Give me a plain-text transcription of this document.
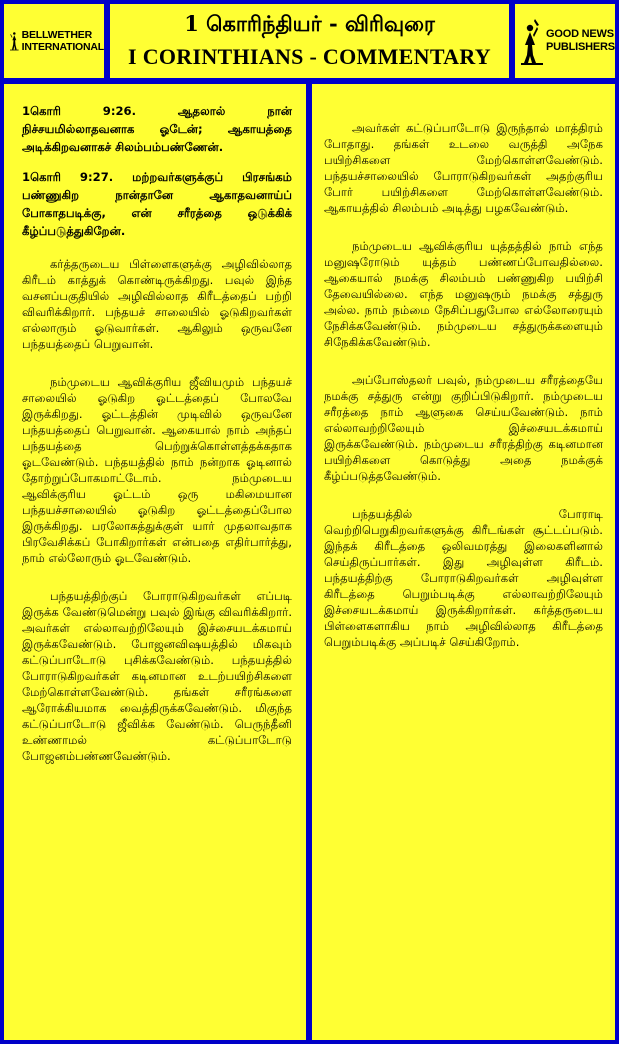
BELLWETHER
INTERNATIONAL
1 கொரிந்தியர் - விரிவுரை
I CORINTHIANS - COMMENTARY
GOOD NEWS
PUBLISHERS

1கொரி 9:26. ஆதலால் நான் நிச்சயமில்லாதவனாக ஓடேன்; ஆகாயத்தை அடிக்கிறவனாகச் சிலம்பம்பண்ணேன்.

1கொரி 9:27. மற்றவர்களுக்குப் பிரசங்கம் பண்ணுகிற நான்தானே ஆகாதவனாய்ப் போகாதபடிக்கு, என் சரீரத்தை ஒடுக்கிக் கீழ்ப்படுத்துகிறேன்.

கர்த்தருடைய பிள்ளைகளுக்கு அழிவில்லாத கிரீடம் காத்துக் கொண்டிருக்கிறது. பவுல் இந்த வசனப்பகுதியில் அழிவில்லாத கிரீடத்தைப் பற்றி விவரிக்கிறார். பந்தயச் சாலையில் ஓடுகிறவர்கள் எல்லாரும் ஓடுவார்கள். ஆகிலும் ஒருவனே பந்தயத்தைப் பெறுவான்.

நம்முடைய ஆவிக்குரிய ஜீவியமும் பந்தயச் சாலையில் ஓடுகிற ஓட்டத்தைப் போலவே இருக்கிறது. ஓட்டத்தின் முடிவில் ஒருவனே பந்தயத்தைப் பெறுவான். ஆகையால் நாம் அந்தப் பந்தயத்தை பெற்றுக்கொள்ளத்தக்கதாக ஓடவேண்டும். பந்தயத்தில் நாம் நன்றாக ஓடினால் தோற்றுப்போகமாட்டோம். நம்முடைய ஆவிக்குரிய ஓட்டம் ஒரு மகிமையான பந்தயச்சாலையில் ஓடுகிற ஓட்டத்தைப்போல இருக்கிறது. பரலோகத்துக்குள் யார் முதலாவதாக பிரவேசிக்கப் போகிறார்கள் என்பதை எதிர்பார்த்து, நாம் எல்லோரும் ஓடவேண்டும்.

பந்தயத்திற்குப் போராடுகிறவர்கள் எப்படி இருக்க வேண்டுமென்று பவுல் இங்கு விவரிக்கிறார். அவர்கள் எல்லாவற்றிலேயும் இச்சையடக்கமாய் இருக்கவேண்டும். போஜனவிஷயத்தில் மிகவும் கட்டுப்பாடோடு புசிக்கவேண்டும். பந்தயத்தில் போராடுகிறவர்கள் கடினமான உடற்பயிற்சிகளை மேற்கொள்ளவேண்டும். தங்கள் சரீரங்களை ஆரோக்கியமாக வைத்திருக்கவேண்டும். மிகுந்த கட்டுப்பாடோடு ஜீவிக்க வேண்டும். பெருந்தீனி உண்ணாமல் கட்டுப்பாடோடு போஜனம்பண்ணவேண்டும்.

அவர்கள் கட்டுப்பாடோடு இருந்தால் மாத்திரம் போதாது. தங்கள் உடலை வருத்தி அநேக பயிற்சிகளை மேற்கொள்ளவேண்டும். பந்தயச்சாலையில் போராடுகிறவர்கள் அதற்குரிய போர் பயிற்சிகளை மேற்கொள்ளவேண்டும். ஆகாயத்தில் சிலம்பம் அடித்து பழகவேண்டும்.

நம்முடைய ஆவிக்குரிய யுத்தத்தில் நாம் எந்த மனுஷரோடும் யுத்தம் பண்ணப்போவதில்லை. ஆகையால் நமக்கு சிலம்பம் பண்ணுகிற பயிற்சி தேவையில்லை. எந்த மனுஷரும் நமக்கு சத்துரு அல்ல. நாம் நம்மை நேசிப்பதுபோல எல்லோரையும் நேசிக்கவேண்டும். நம்முடைய சத்துருக்களையும் சிநேகிக்கவேண்டும்.

அப்போஸ்தலர் பவுல், நம்முடைய சரீரத்தையே நமக்கு சத்துரு என்று குறிப்பிடுகிறார். நம்முடைய சரீரத்தை நாம் ஆளுகை செய்யவேண்டும். நாம் எல்லாவற்றிலேயும் இச்சையடக்கமாய் இருக்கவேண்டும். நம்முடைய சரீரத்திற்கு கடினமான பயிற்சிகளை கொடுத்து அதை நமக்குக் கீழ்ப்படுத்தவேண்டும்.

பந்தயத்தில் போராடி வெற்றிபெறுகிறவர்களுக்கு கிரீடங்கள் சூட்டப்படும். இந்தக் கிரீடத்தை ஒலிவமரத்து இலைகளினால் செய்திருப்பார்கள். இது அழிவுள்ள கிரீடம். பந்தயத்திற்கு போராடுகிறவர்கள் அழிவுள்ள கிரீடத்தை பெறும்படிக்கு எல்லாவற்றிலேயும் இச்சையடக்கமாய் இருக்கிறார்கள். கர்த்தருடைய பிள்ளைகளாகிய நாம் அழிவில்லாத கிரீடத்தை பெறும்படிக்கு அப்படிச் செய்கிறோம்.
